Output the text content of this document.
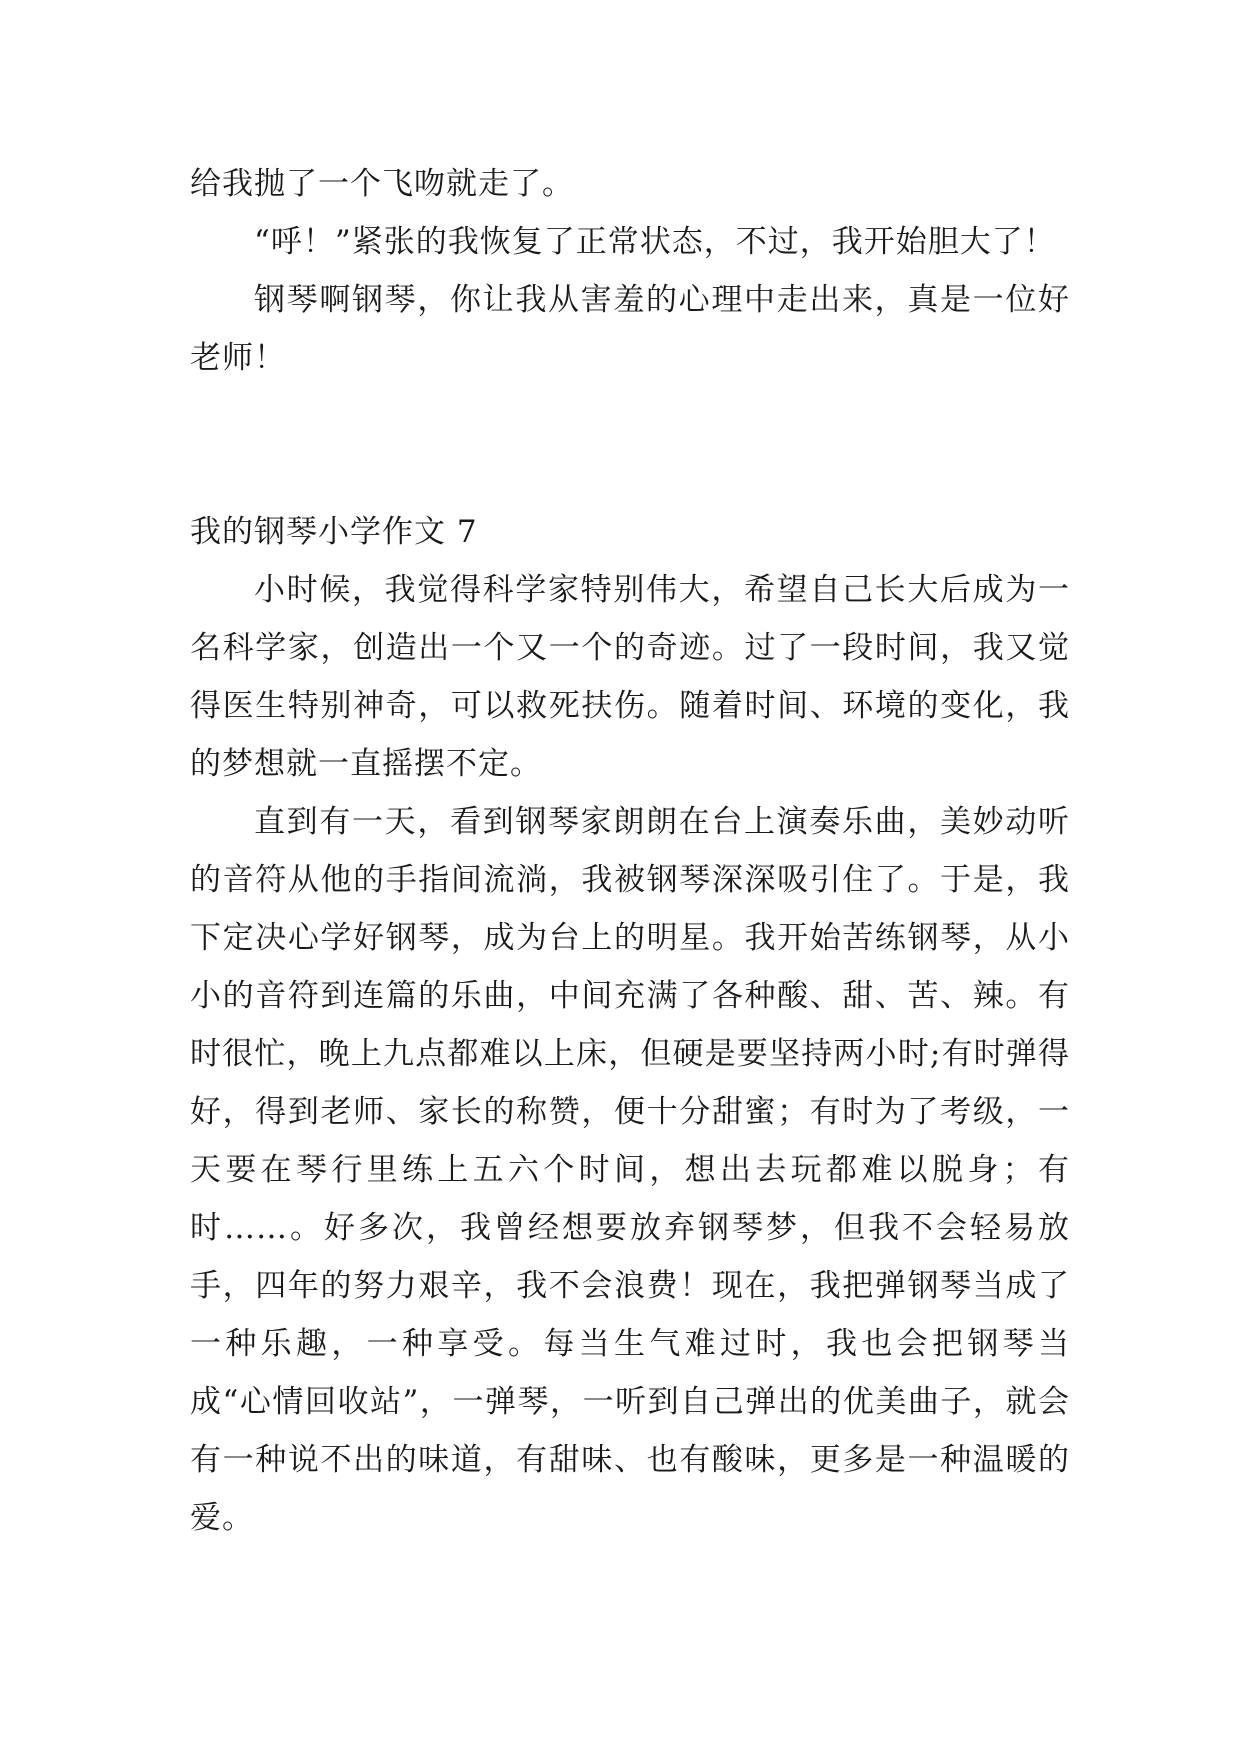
给我抛了一个飞吻就走了。

“呼！”紧张的我恢复了正常状态，不过，我开始胆大了！

钢琴啊钢琴，你让我从害羞的心理中走出来，真是一位好老师！

我的钢琴小学作文 7

小时候，我觉得科学家特别伟大，希望自己长大后成为一名科学家，创造出一个又一个的奇迹。过了一段时间，我又觉得医生特别神奇，可以救死扶伤。随着时间、环境的变化，我的梦想就一直摇摆不定。

直到有一天，看到钢琴家朗朗在台上演奏乐曲，美妙动听的音符从他的手指间流淌，我被钢琴深深吸引住了。于是，我下定决心学好钢琴，成为台上的明星。我开始苦练钢琴，从小小的音符到连篇的乐曲，中间充满了各种酸、甜、苦、辣。有时很忙，晚上九点都难以上床，但硬是要坚持两小时;有时弹得好，得到老师、家长的称赞，便十分甜蜜；有时为了考级，一天要在琴行里练上五六个时间，想出去玩都难以脱身；有时……。好多次，我曾经想要放弃钢琴梦，但我不会轻易放手，四年的努力艰辛，我不会浪费！现在，我把弹钢琴当成了一种乐趣，一种享受。每当生气难过时，我也会把钢琴当成“心情回收站”，一弹琴，一听到自己弹出的优美曲子，就会有一种说不出的味道，有甜味、也有酸味，更多是一种温暖的爱。
